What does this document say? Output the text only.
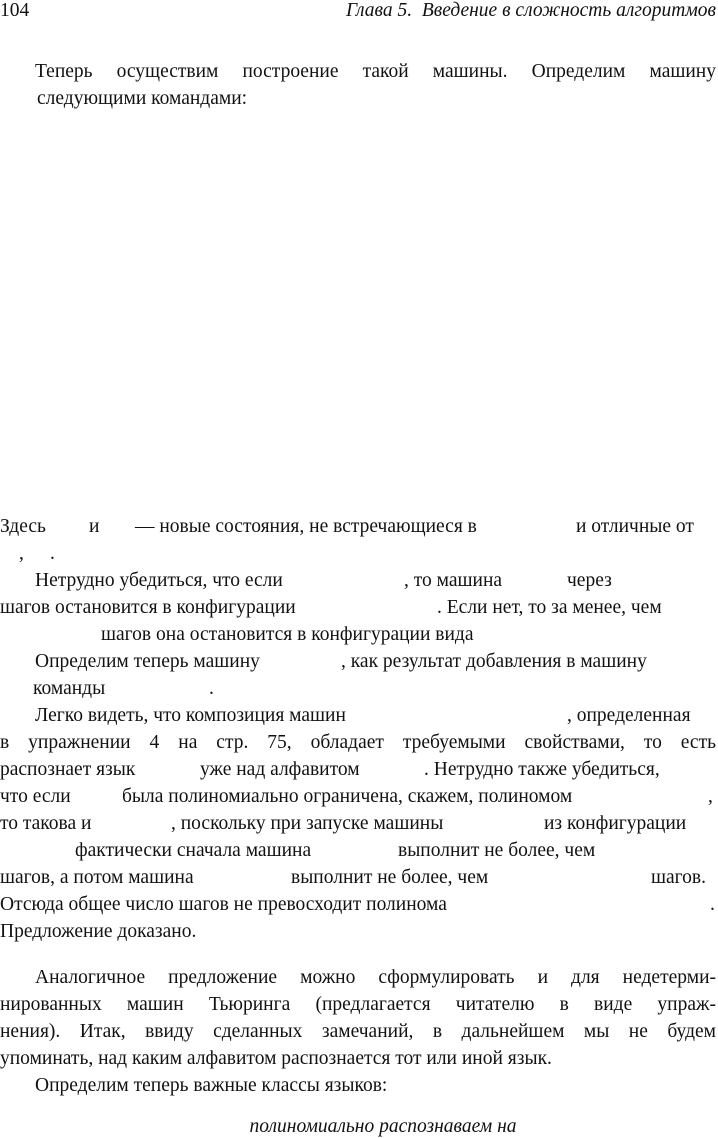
104	Глава 5.  Введение в сложность алгоритмов
Теперь осуществим построение такой машины. Определим машину
следующими командами:
Здесь и — новые состояния, не встречающиеся в	и отличные от
, .
Нетрудно убедиться, что если	, то машина	через
шагов остановится в конфигурации	. Если нет, то за менее, чем
шагов она остановится в конфигурации вида
Определим теперь машину	, как результат добавления в машину
команды	.
Легко видеть, что композиция машин	, определенная
в упражнении 4 на стр. 75, обладает требуемыми свойствами, то есть
распознает язык	уже над алфавитом	. Нетрудно также убедиться,
что если	была полиномиально ограничена, скажем, полиномом	,
то такова и	, поскольку при запуске машины	из конфигурации
фактически сначала машина	выполнит не более, чем
шагов, а потом машина	выполнит не более, чем	шагов.
Отсюда общее число шагов не превосходит полинома	.
Предложение доказано.
Аналогичное предложение можно сформулировать и для недетерми-
нированных машин Тьюринга (предлагается читателю в виде упраж-
нения). Итак, ввиду сделанных замечаний, в дальнейшем мы не будем
упоминать, над каким алфавитом распознается тот или иной язык.
Определим теперь важные классы языков:
полиномиально распознаваем на
